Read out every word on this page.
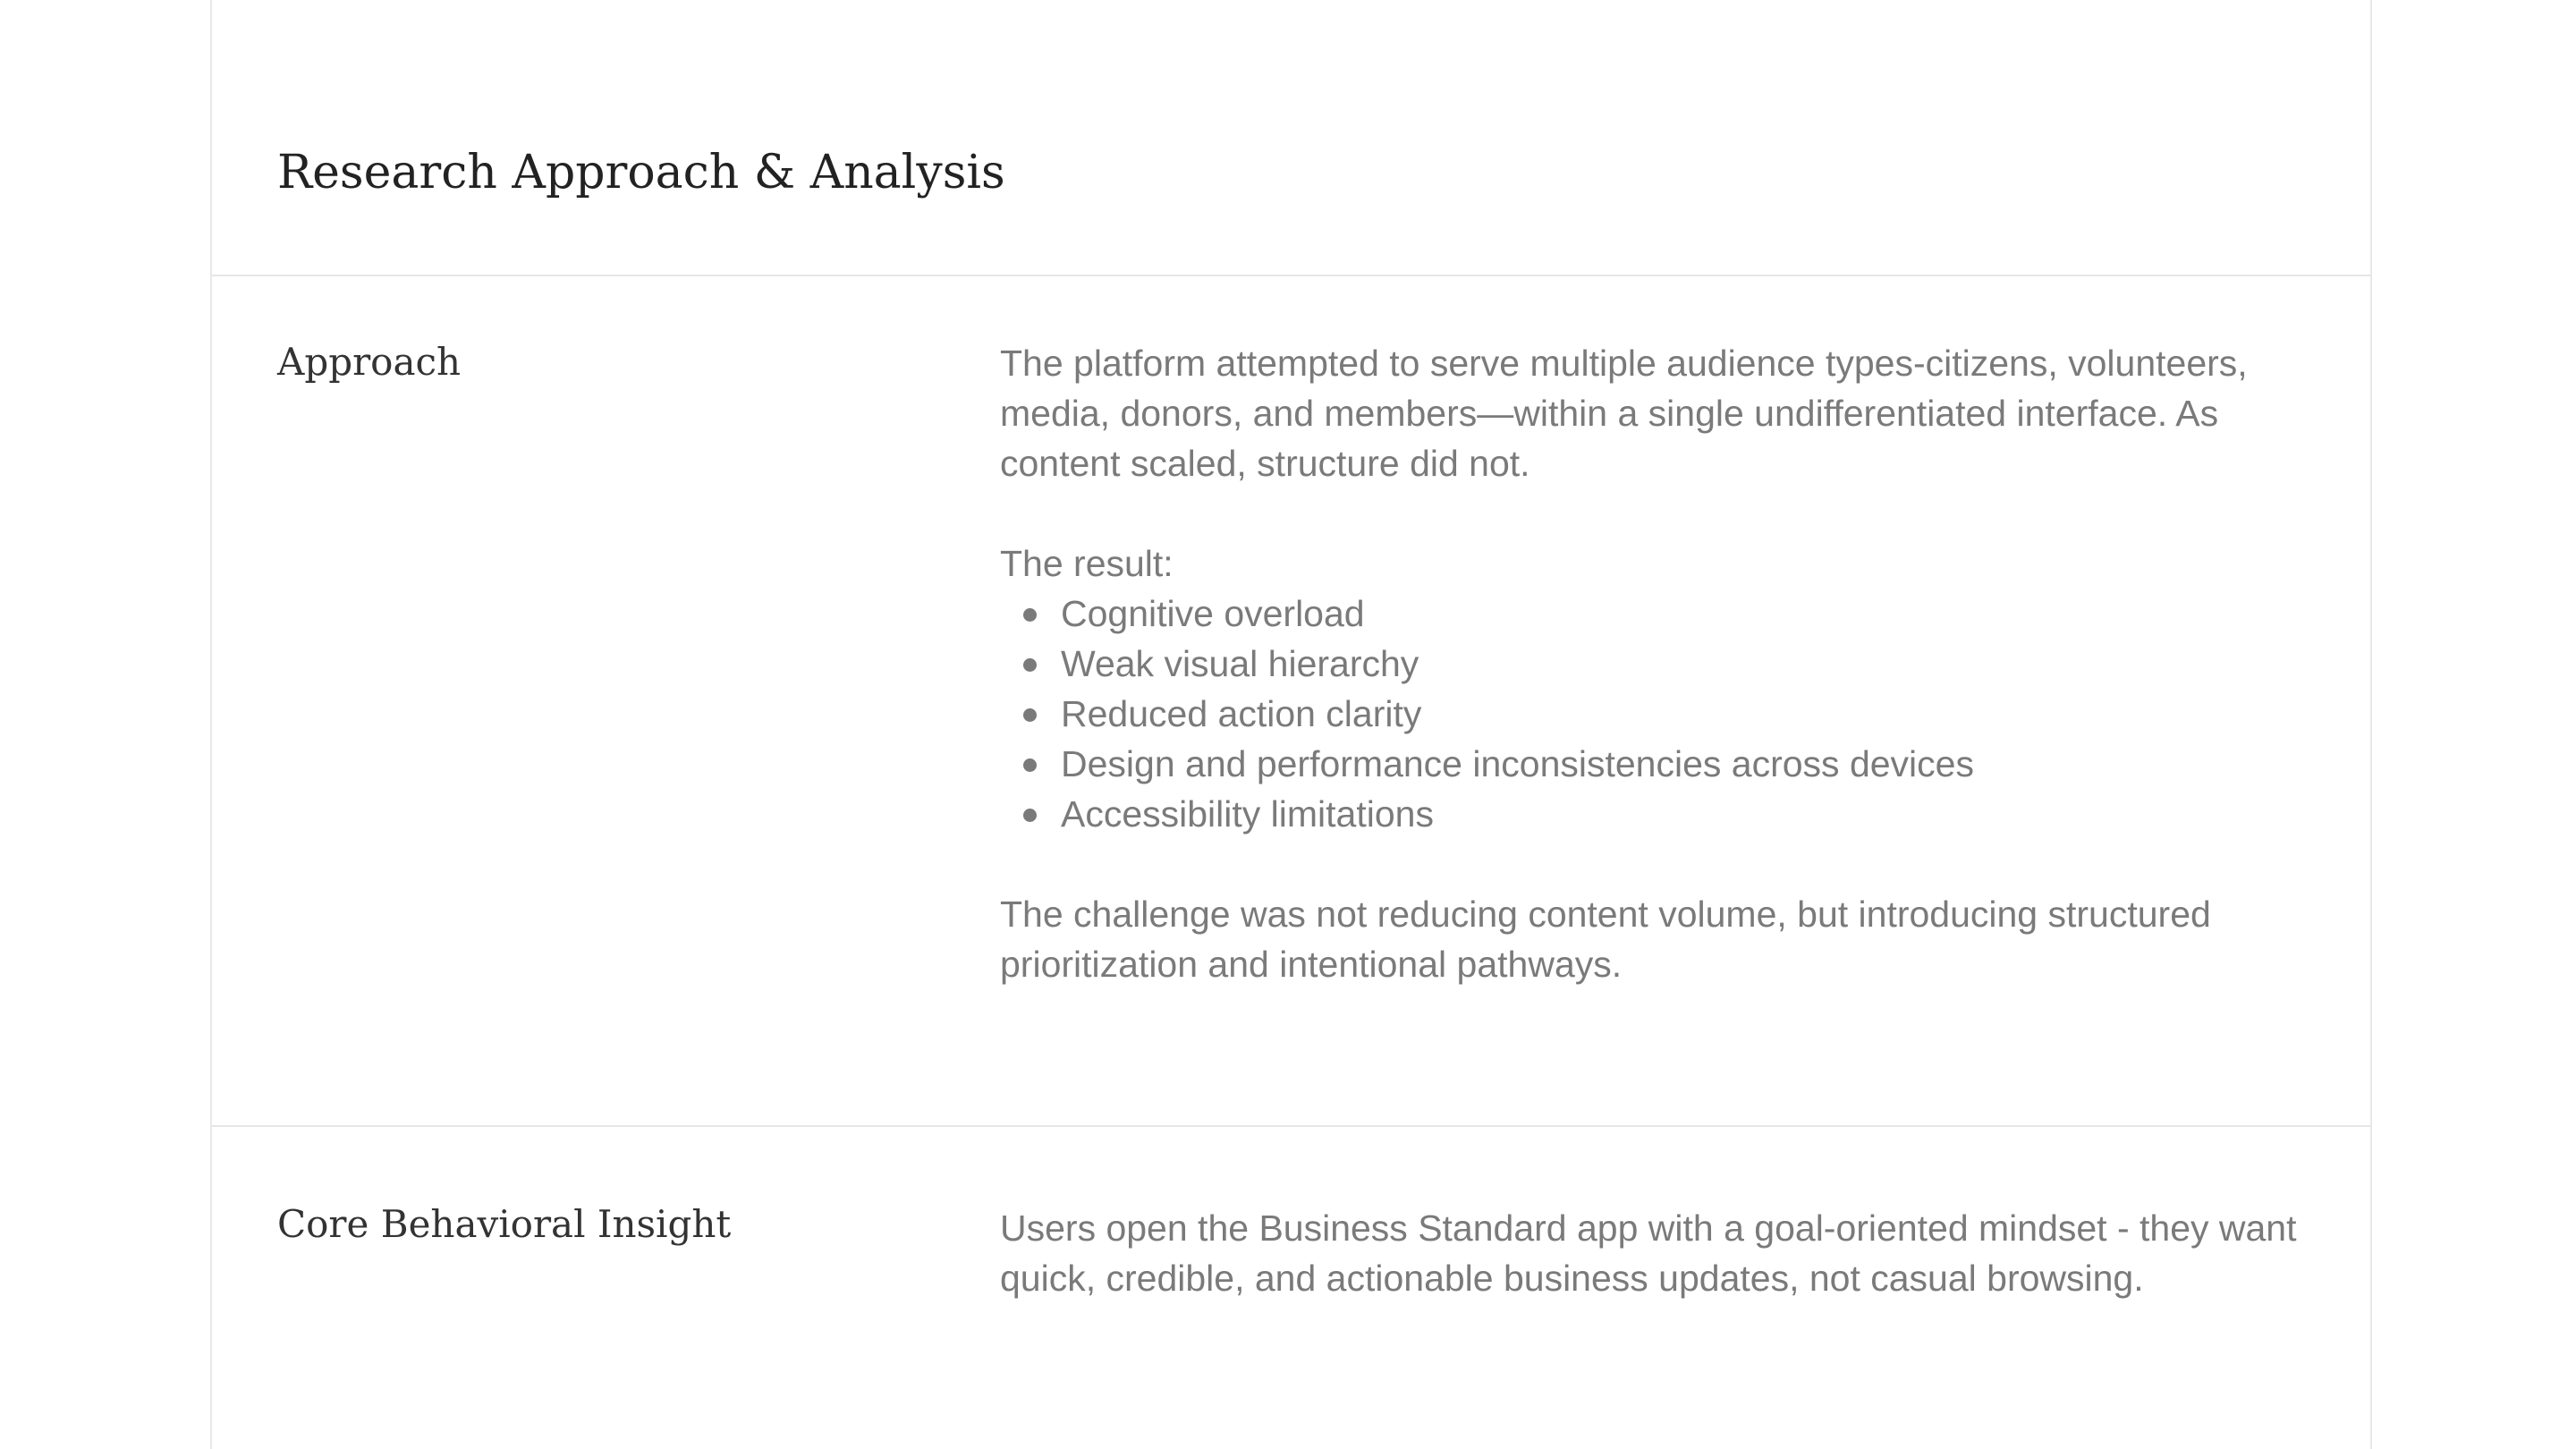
Research Approach & Analysis
Approach	The platform attempted to serve multiple audience types-citizens, volunteers, media, donors, and members—within a single undifferentiated interface. As content scaled, structure did not.

The result:

Cognitive overload
Weak visual hierarchy
Reduced action clarity
Design and performance inconsistencies across devices
Accessibility limitations

The challenge was not reducing content volume, but introducing structured prioritization and intentional pathways.

Core Behavioral Insight	Users open the Business Standard app with a goal-oriented mindset - they want quick, credible, and actionable business updates, not casual browsing.
